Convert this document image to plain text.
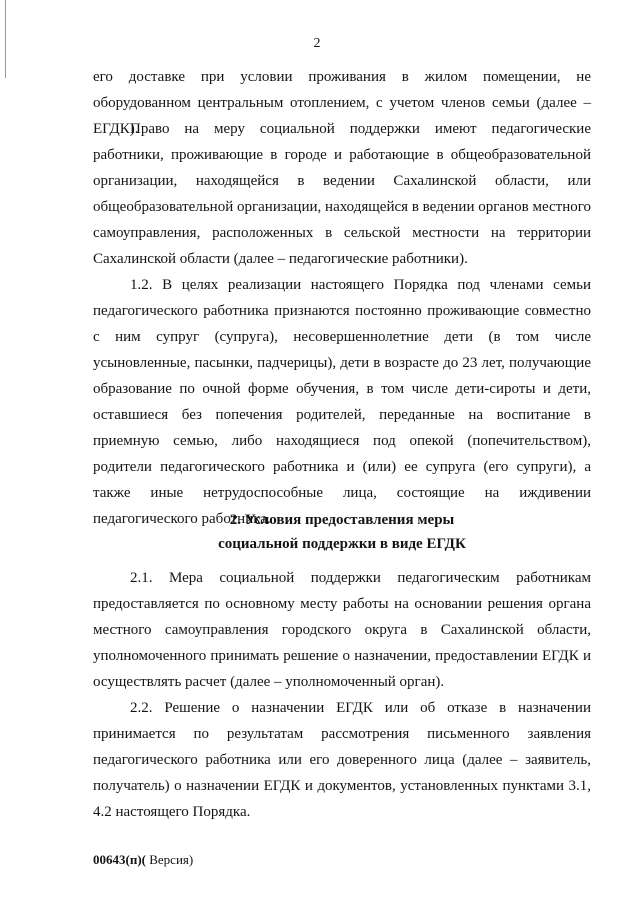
2

его доставке при условии проживания в жилом помещении, не оборудованном центральным отоплением, с учетом членов семьи (далее – ЕГДК).

Право на меру социальной поддержки имеют педагогические работники, проживающие в городе и работающие в общеобразовательной организации, находящейся в ведении Сахалинской области, или общеобразовательной организации, находящейся в ведении органов местного самоуправления, расположенных в сельской местности на территории Сахалинской области (далее – педагогические работники).

1.2. В целях реализации настоящего Порядка под членами семьи педагогического работника признаются постоянно проживающие совместно с ним супруг (супруга), несовершеннолетние дети (в том числе усыновленные, пасынки, падчерицы), дети в возрасте до 23 лет, получающие образование по очной форме обучения, в том числе дети-сироты и дети, оставшиеся без попечения родителей, переданные на воспитание в приемную семью, либо находящиеся под опекой (попечительством), родители педагогического работника и (или) ее супруга (его супруги), а также иные нетрудоспособные лица, состоящие на иждивении педагогического работника.

2. Условия предоставления меры
социальной поддержки в виде ЕГДК

2.1. Мера социальной поддержки педагогическим работникам предоставляется по основному месту работы на основании решения органа местного самоуправления городского округа в Сахалинской области, уполномоченного принимать решение о назначении, предоставлении ЕГДК и осуществлять расчет (далее – уполномоченный орган).

2.2. Решение о назначении ЕГДК или об отказе в назначении принимается по результатам рассмотрения письменного заявления педагогического работника или его доверенного лица (далее – заявитель, получатель) о назначении ЕГДК и документов, установленных пунктами 3.1, 4.2 настоящего Порядка.

00643(п)( Версия)
